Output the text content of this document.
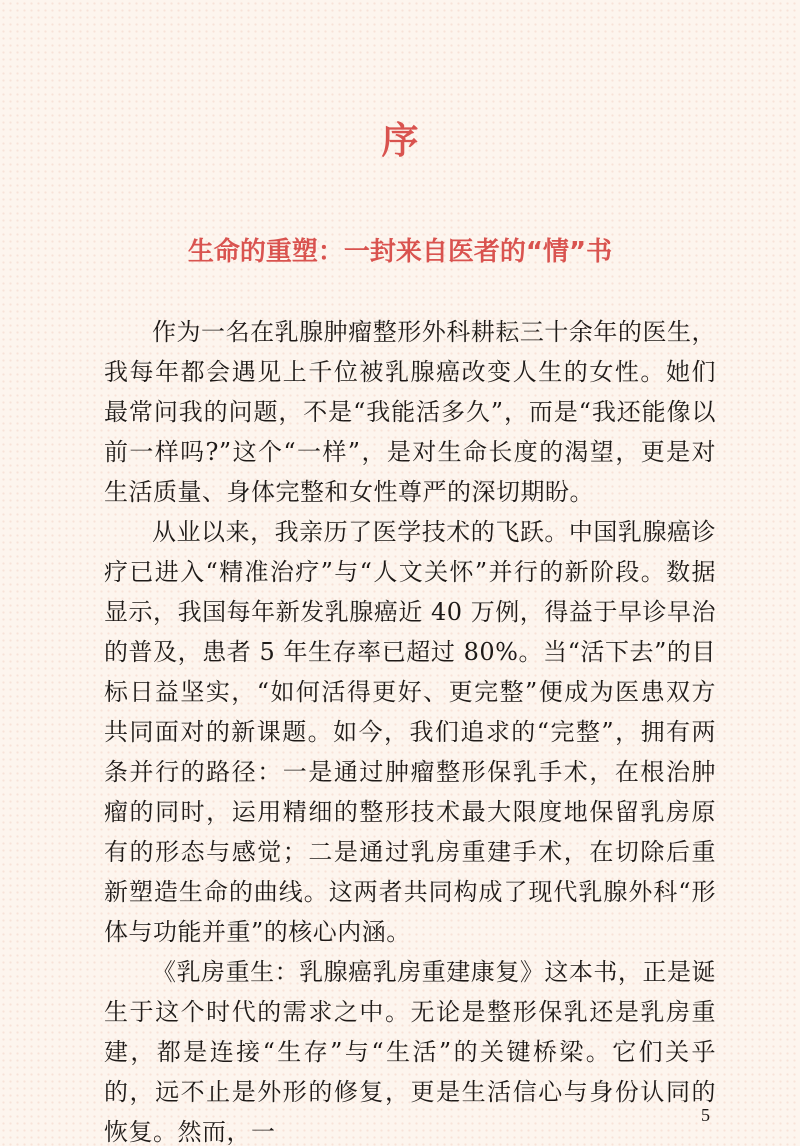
序
生命的重塑：一封来自医者的“情”书

作为一名在乳腺肿瘤整形外科耕耘三十余年的医生，我每年都会遇见上千位被乳腺癌改变人生的女性。她们最常问我的问题，不是“我能活多久”，而是“我还能像以前一样吗?”这个“一样”，是对生命长度的渴望，更是对生活质量、身体完整和女性尊严的深切期盼。

从业以来，我亲历了医学技术的飞跃。中国乳腺癌诊疗已进入“精准治疗”与“人文关怀”并行的新阶段。数据显示，我国每年新发乳腺癌近 40 万例，得益于早诊早治的普及，患者 5 年生存率已超过 80%。当“活下去”的目标日益坚实，“如何活得更好、更完整”便成为医患双方共同面对的新课题。如今，我们追求的“完整”，拥有两条并行的路径：一是通过肿瘤整形保乳手术，在根治肿瘤的同时，运用精细的整形技术最大限度地保留乳房原有的形态与感觉；二是通过乳房重建手术，在切除后重新塑造生命的曲线。这两者共同构成了现代乳腺外科“形体与功能并重”的核心内涵。

《乳房重生：乳腺癌乳房重建康复》这本书，正是诞生于这个时代的需求之中。无论是整形保乳还是乳房重建，都是连接“生存”与“生活”的关键桥梁。它们关乎的，远不止是外形的修复，更是生活信心与身份认同的恢复。然而，一

5
